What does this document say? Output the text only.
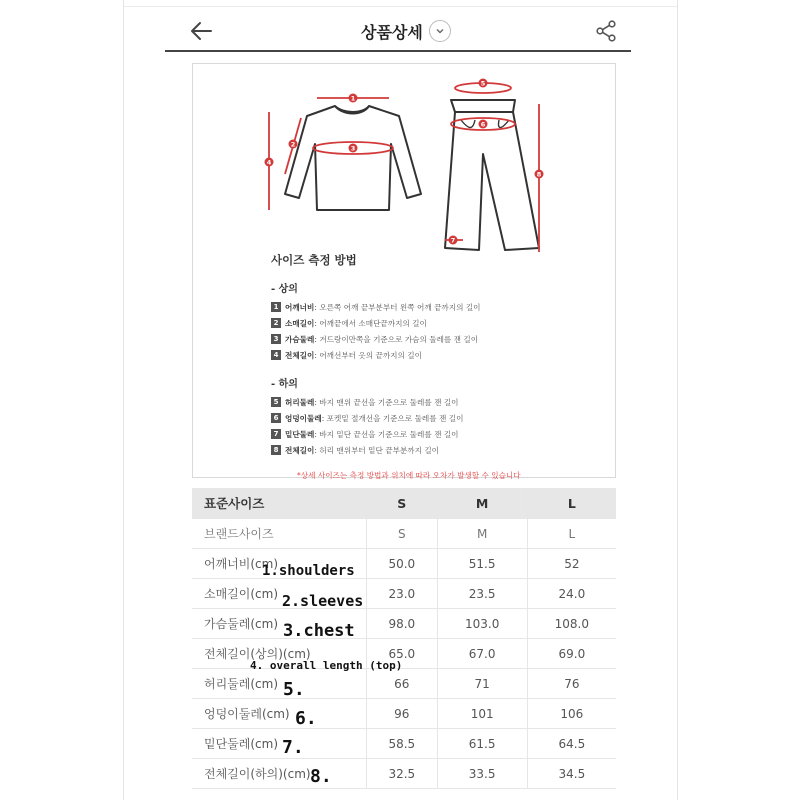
상품상세
1
2	3
4
5
6
7
8
사이즈 측정 방법
- 상의
1 어깨너비 : 오른쪽 어깨 끝부분부터 왼쪽 어깨 끝까지의 길이
2 소매길이 : 어깨끝에서 소매단끝까지의 길이
3 가슴둘레 : 겨드랑이만쪽을 기준으로 가슴의 둘레를 잰 길이
4 전체길이 : 어깨선부터 옷의 끝까지의 길이
- 하의
5 허리둘레 : 바지 맨위 끝선을 기준으로 둘레를 잰 길이
6 엉덩이둘레 : 포켓밑 절개선을 기준으로 둘레를 잰 길이
7 밑단둘레 : 바지 밑단 끝선을 기준으로 둘레를 잰 길이
8 전체길이 : 허리 맨위부터 밑단 끝부분까지 길이
*상세 사이즈는 측정 방법과 위치에 따라 오차가 발생할 수 있습니다
표준사이즈	S	M	L
브랜드사이즈	S	M	L
어깨너비(cm)	50.0	51.5	52
소매길이(cm)	23.0	23.5	24.0
가슴둘레(cm)	98.0	103.0	108.0
전체길이(상의)(cm)	65.0	67.0	69.0
허리둘레(cm)	66	71	76
엉덩이둘레(cm)	96	101	106
밑단둘레(cm)	58.5	61.5	64.5
전체길이(하의)(cm)	32.5	33.5	34.5
1.shoulders
2.sleeves
3.chest
4. overall length (top)
5.
6.
7.
8.
